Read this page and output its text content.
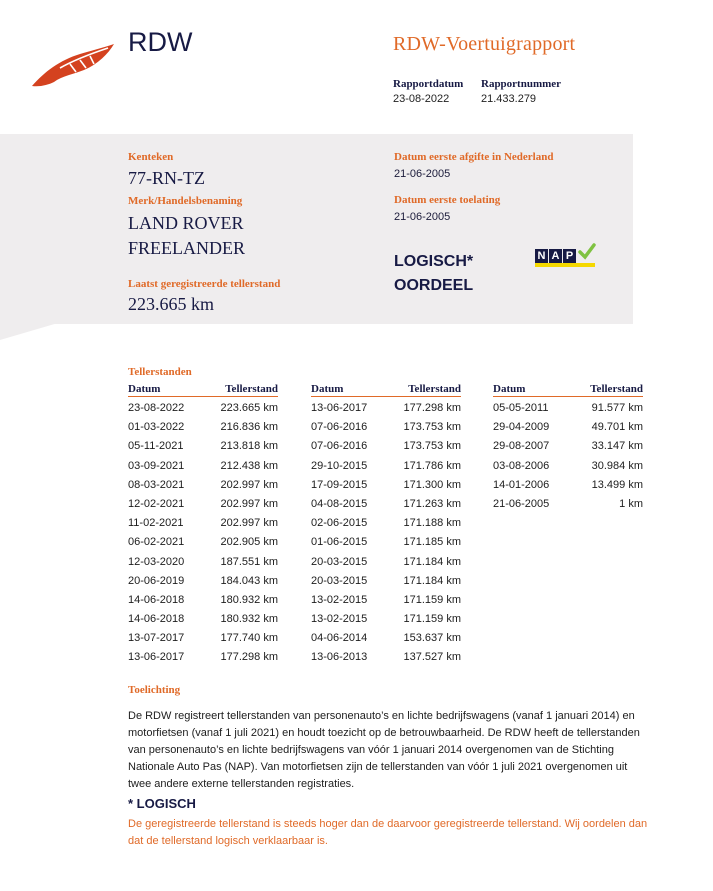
RDW	RDW-Voertuigrapport
Rapportdatum
23-08-2022
Rapportnummer
21.433.279
Kenteken
77-RN-TZ
Merk/Handelsbenaming
LAND ROVER
FREELANDER
Laatst geregistreerde tellerstand
223.665 km
Datum eerste afgifte in Nederland
21-06-2005
Datum eerste toelating
21-06-2005
LOGISCH*
OORDEEL
N A P
Tellerstanden
Datum	Tellerstand
23-08-2022	223.665 km
01-03-2022	216.836 km
05-11-2021	213.818 km
03-09-2021	212.438 km
08-03-2021	202.997 km
12-02-2021	202.997 km
11-02-2021	202.997 km
06-02-2021	202.905 km
12-03-2020	187.551 km
20-06-2019	184.043 km
14-06-2018	180.932 km
14-06-2018	180.932 km
13-07-2017	177.740 km
13-06-2017	177.298 km
Datum	Tellerstand
13-06-2017	177.298 km
07-06-2016	173.753 km
07-06-2016	173.753 km
29-10-2015	171.786 km
17-09-2015	171.300 km
04-08-2015	171.263 km
02-06-2015	171.188 km
01-06-2015	171.185 km
20-03-2015	171.184 km
20-03-2015	171.184 km
13-02-2015	171.159 km
13-02-2015	171.159 km
04-06-2014	153.637 km
13-06-2013	137.527 km
Datum	Tellerstand
05-05-2011	91.577 km
29-04-2009	49.701 km
29-08-2007	33.147 km
03-08-2006	30.984 km
14-01-2006	13.499 km
21-06-2005	1 km
Toelichting
De RDW registreert tellerstanden van personenauto’s en lichte bedrijfswagens (vanaf 1 januari 2014) en motorfietsen (vanaf 1 juli 2021) en houdt toezicht op de betrouwbaarheid. De RDW heeft de tellerstanden van personenauto’s en lichte bedrijfswagens van vóór 1 januari 2014 overgenomen van de Stichting Nationale Auto Pas (NAP). Van motorfietsen zijn de tellerstanden van vóór 1 juli 2021 overgenomen uit twee andere externe tellerstanden registraties.
* LOGISCH
De geregistreerde tellerstand is steeds hoger dan de daarvoor geregistreerde tellerstand. Wij oordelen dan dat de tellerstand logisch verklaarbaar is.
